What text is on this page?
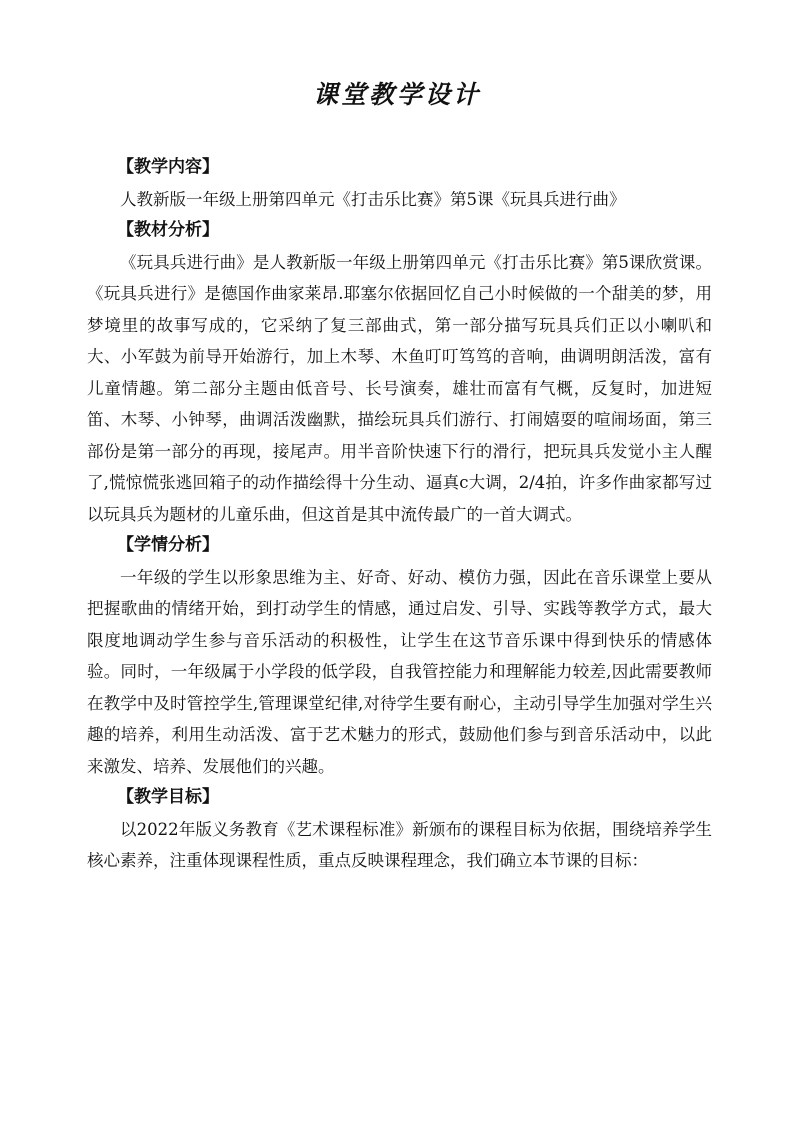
课堂教学设计
【教学内容】

人教新版一年级上册第四单元《打击乐比赛》第5课《玩具兵进行曲》

【教材分析】

《玩具兵进行曲》是人教新版一年级上册第四单元《打击乐比赛》第5课欣赏课。《玩具兵进行》是德国作曲家莱昂.耶塞尔依据回忆自己小时候做的一个甜美的梦，用梦境里的故事写成的，它采纳了复三部曲式，第一部分描写玩具兵们正以小喇叭和大、小军鼓为前导开始游行，加上木琴、木鱼叮叮笃笃的音响，曲调明朗活泼，富有儿童情趣。第二部分主题由低音号、长号演奏，雄壮而富有气概，反复时，加进短笛、木琴、小钟琴，曲调活泼幽默，描绘玩具兵们游行、打闹嬉耍的喧闹场面，第三部份是第一部分的再现，接尾声。用半音阶快速下行的滑行，把玩具兵发觉小主人醒了,慌惊慌张逃回箱子的动作描绘得十分生动、逼真c大调，2/4拍，许多作曲家都写过以玩具兵为题材的儿童乐曲，但这首是其中流传最广的一首大调式。

【学情分析】

一年级的学生以形象思维为主、好奇、好动、模仿力强，因此在音乐课堂上要从把握歌曲的情绪开始，到打动学生的情感，通过启发、引导、实践等教学方式，最大限度地调动学生参与音乐活动的积极性，让学生在这节音乐课中得到快乐的情感体验。同时，一年级属于小学段的低学段，自我管控能力和理解能力较差,因此需要教师在教学中及时管控学生,管理课堂纪律,对待学生要有耐心，主动引导学生加强对学生兴趣的培养，利用生动活泼、富于艺术魅力的形式，鼓励他们参与到音乐活动中，以此来激发、培养、发展他们的兴趣。

【教学目标】

以2022年版义务教育《艺术课程标准》新颁布的课程目标为依据，围绕培养学生核心素养，注重体现课程性质，重点反映课程理念，我们确立本节课的目标：
